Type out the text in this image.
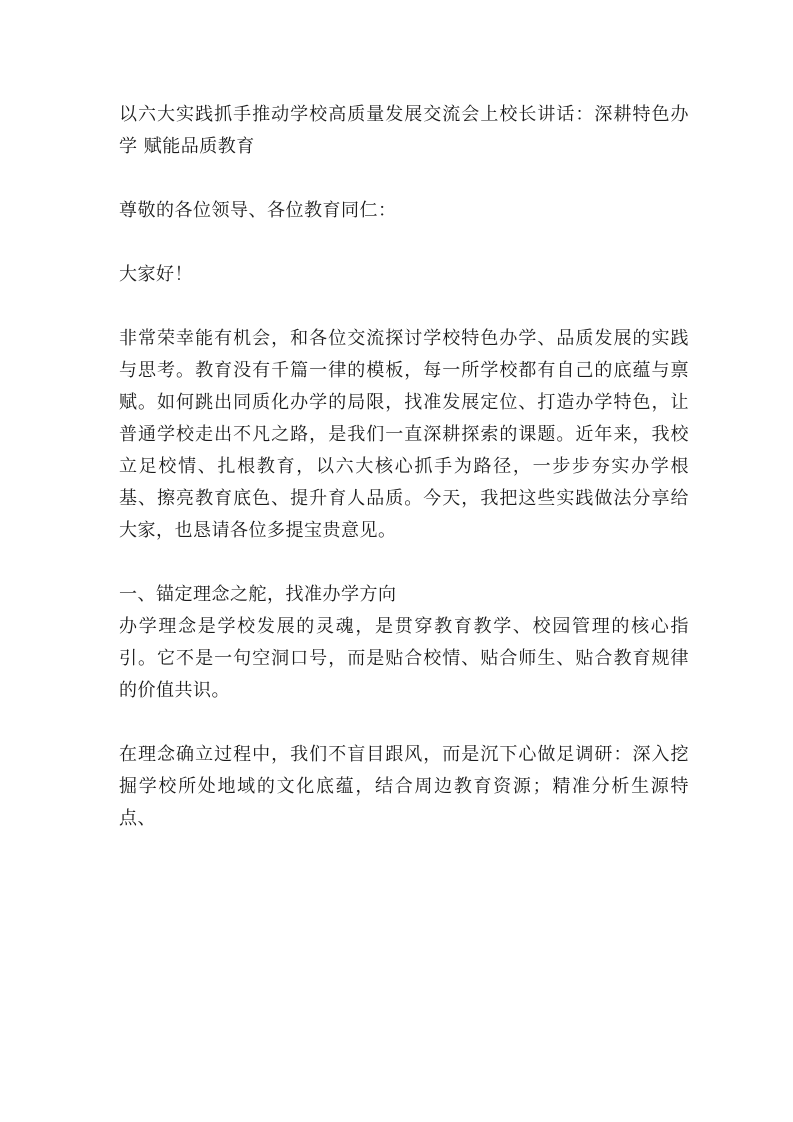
以六大实践抓手推动学校高质量发展交流会上校长讲话：深耕特色办学 赋能品质教育

尊敬的各位领导、各位教育同仁：

大家好！

非常荣幸能有机会，和各位交流探讨学校特色办学、品质发展的实践与思考。教育没有千篇一律的模板，每一所学校都有自己的底蕴与禀赋。如何跳出同质化办学的局限，找准发展定位、打造办学特色，让普通学校走出不凡之路，是我们一直深耕探索的课题。近年来，我校立足校情、扎根教育，以六大核心抓手为路径，一步步夯实办学根基、擦亮教育底色、提升育人品质。今天，我把这些实践做法分享给大家，也恳请各位多提宝贵意见。

一、锚定理念之舵，找准办学方向

办学理念是学校发展的灵魂，是贯穿教育教学、校园管理的核心指引。它不是一句空洞口号，而是贴合校情、贴合师生、贴合教育规律的价值共识。

在理念确立过程中，我们不盲目跟风，而是沉下心做足调研：深入挖掘学校所处地域的文化底蕴，结合周边教育资源；精准分析生源特点、
